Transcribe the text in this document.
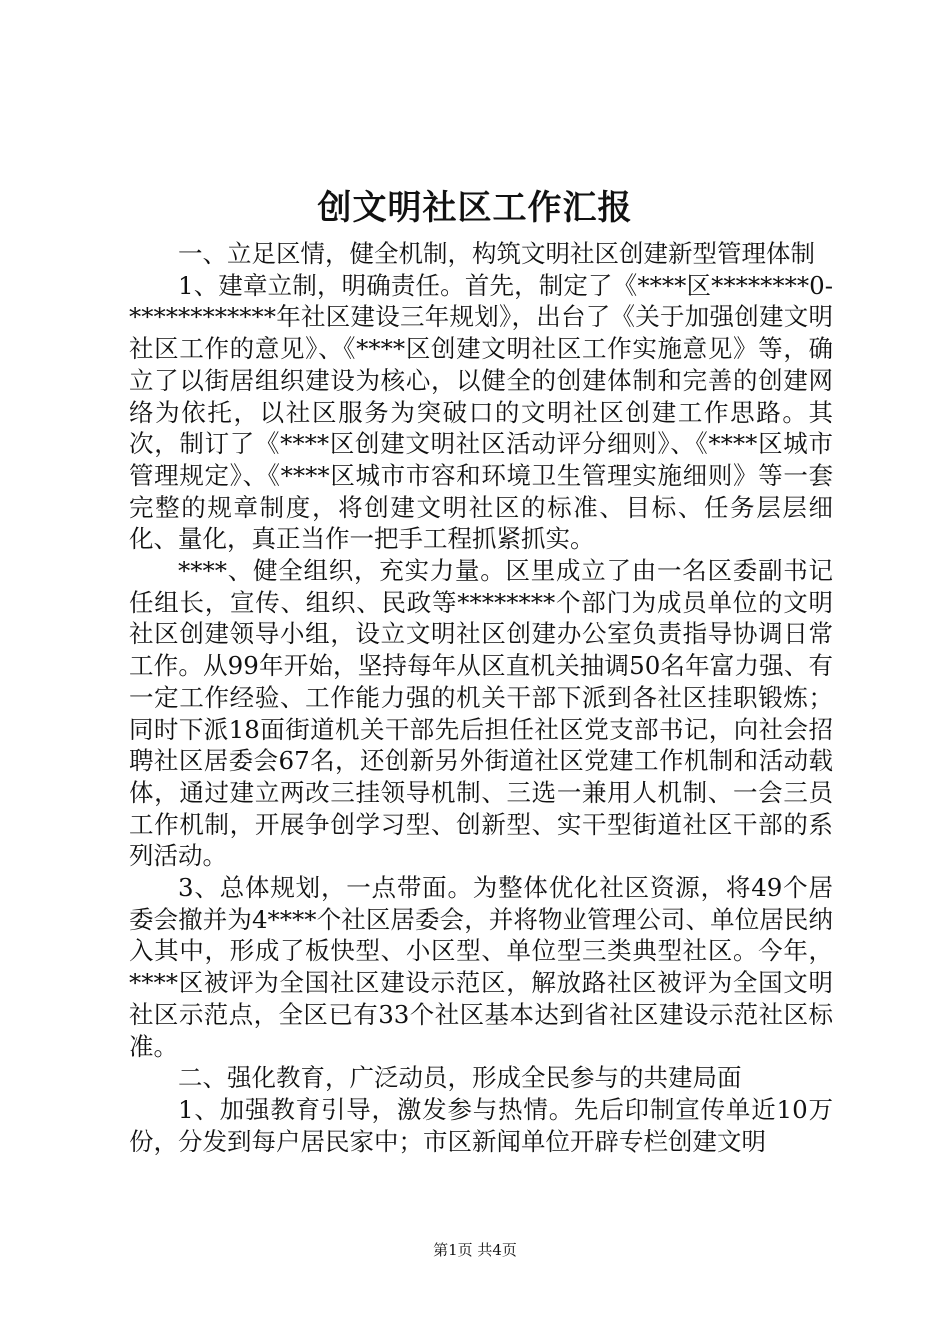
创文明社区工作汇报

一、立足区情，健全机制，构筑文明社区创建新型管理体制

1、建章立制，明确责任。首先，制定了《****区********0-************年社区建设三年规划》，出台了《关于加强创建文明社区工作的意见》、《****区创建文明社区工作实施意见》等，确立了以街居组织建设为核心，以健全的创建体制和完善的创建网络为依托，以社区服务为突破口的文明社区创建工作思路。其次，制订了《****区创建文明社区活动评分细则》、《****区城市管理规定》、《****区城市市容和环境卫生管理实施细则》等一套完整的规章制度，将创建文明社区的标准、目标、任务层层细化、量化，真正当作一把手工程抓紧抓实。

****、健全组织，充实力量。区里成立了由一名区委副书记任组长，宣传、组织、民政等********个部门为成员单位的文明社区创建领导小组，设立文明社区创建办公室负责指导协调日常工作。从99年开始，坚持每年从区直机关抽调50名年富力强、有一定工作经验、工作能力强的机关干部下派到各社区挂职锻炼；同时下派18面街道机关干部先后担任社区党支部书记，向社会招聘社区居委会67名，还创新另外街道社区党建工作机制和活动载体，通过建立两改三挂领导机制、三选一兼用人机制、一会三员工作机制，开展争创学习型、创新型、实干型街道社区干部的系列活动。

3、总体规划，一点带面。为整体优化社区资源，将49个居委会撤并为4****个社区居委会，并将物业管理公司、单位居民纳入其中，形成了板快型、小区型、单位型三类典型社区。今年，****区被评为全国社区建设示范区，解放路社区被评为全国文明社区示范点，全区已有33个社区基本达到省社区建设示范社区标准。

二、强化教育，广泛动员，形成全民参与的共建局面

1、加强教育引导，激发参与热情。先后印制宣传单近10万份，分发到每户居民家中；市区新闻单位开辟专栏创建文明

第1页 共4页
